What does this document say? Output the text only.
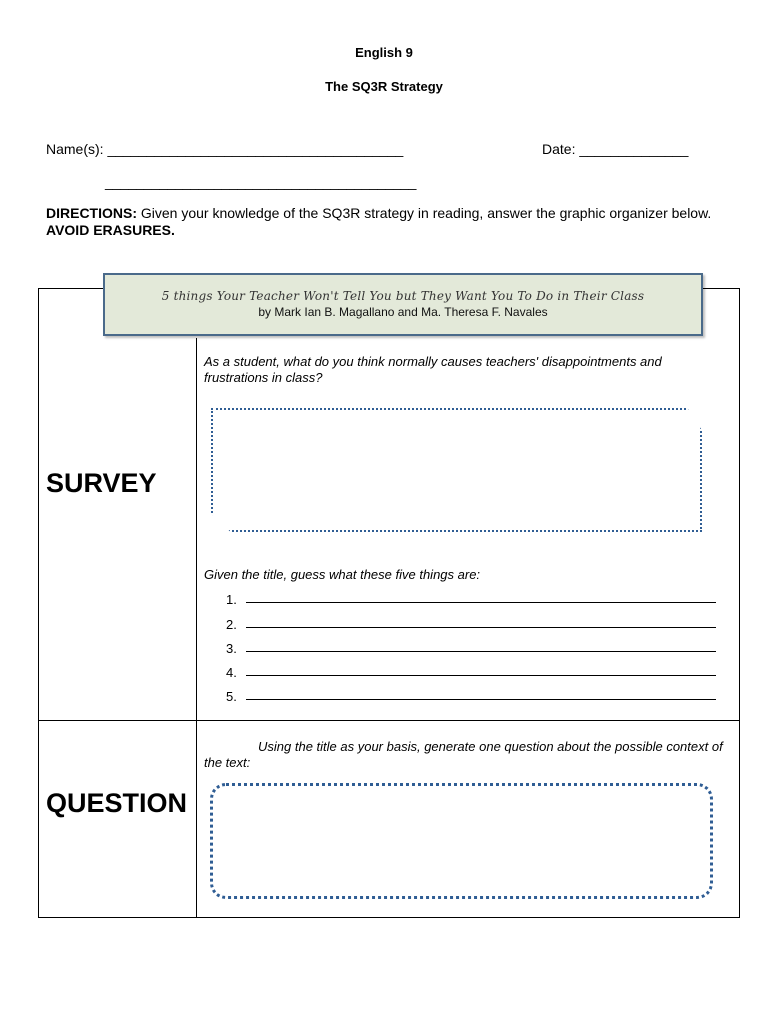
English 9
The SQ3R Strategy
Name(s): ______________________________________	Date: ______________
________________________________________
DIRECTIONS: Given your knowledge of the SQ3R strategy in reading, answer the graphic organizer below.
AVOID ERASURES.
5 things Your Teacher Won't Tell You but They Want You To Do in Their Class
by Mark Ian B. Magallano and Ma. Theresa F. Navales
SURVEY
As a student, what do you think normally causes teachers' disappointments and frustrations in class?
Given the title, guess what these five things are:
1.
2.
3.
4.
5.
QUESTION
Using the title as your basis, generate one question about the possible context of the text:
